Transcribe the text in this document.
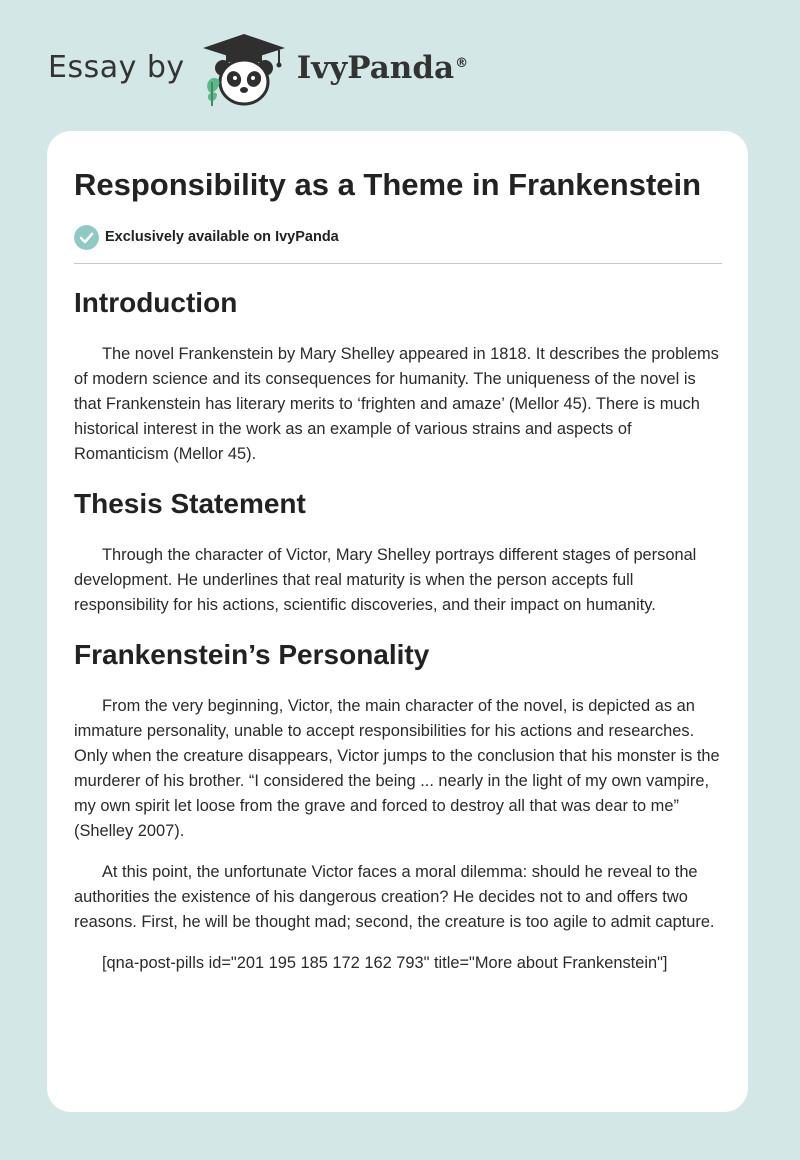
Essay by	IvyPanda®
Responsibility as a Theme in Frankenstein
Exclusively available on IvyPanda
Introduction

The novel Frankenstein by Mary Shelley appeared in 1818. It describes the problems of modern science and its consequences for humanity. The uniqueness of the novel is that Frankenstein has literary merits to ‘frighten and amaze’ (Mellor 45). There is much historical interest in the work as an example of various strains and aspects of Romanticism (Mellor 45).

Thesis Statement

Through the character of Victor, Mary Shelley portrays different stages of personal development. He underlines that real maturity is when the person accepts full responsibility for his actions, scientific discoveries, and their impact on humanity.

Frankenstein’s Personality

From the very beginning, Victor, the main character of the novel, is depicted as an immature personality, unable to accept responsibilities for his actions and researches. Only when the creature disappears, Victor jumps to the conclusion that his monster is the murderer of his brother. “I considered the being ... nearly in the light of my own vampire, my own spirit let loose from the grave and forced to destroy all that was dear to me” (Shelley 2007).

At this point, the unfortunate Victor faces a moral dilemma: should he reveal to the authorities the existence of his dangerous creation? He decides not to and offers two reasons. First, he will be thought mad; second, the creature is too agile to admit capture.

[qna-post-pills id="201 195 185 172 162 793" title="More about Frankenstein"]
